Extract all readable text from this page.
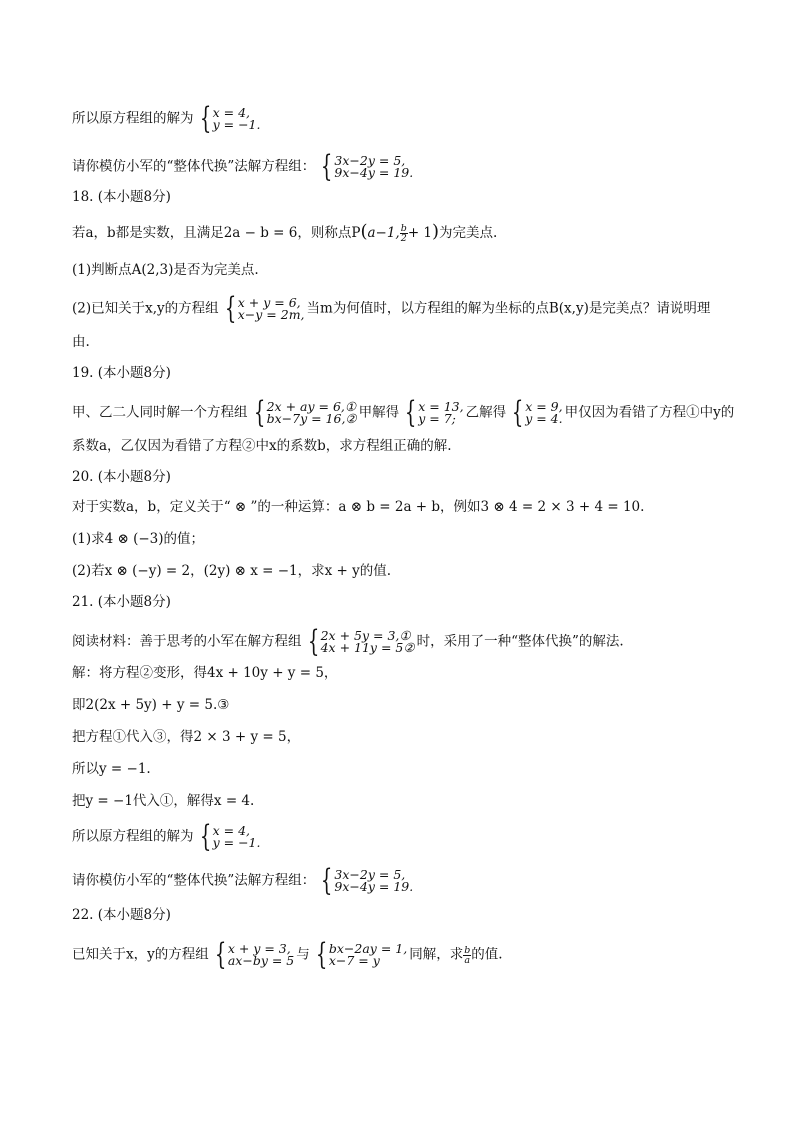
所以原方程组的解为 { x = 4,
y = −1.
请你模仿小军的“整体代换”法解方程组： { 3x−2y = 5,
9x−4y = 19.
18. (本小题8分)
若a，b都是实数，且满足2a − b = 6，则称点P(a−1, $\frac{b}{2} + 1$)为完美点.
(1)判断点A(2,3)是否为完美点.
(2)已知关于x,y的方程组 { x + y = 6,
x−y = 2m, 当m为何值时，以方程组的解为坐标的点B(x,y)是完美点？请说明理
由.
19. (本小题8分)
甲、乙二人同时解一个方程组 { 2x + ay = 6,①
bx−7y = 16,② 甲解得 { x = 13,
y = 7; 乙解得 { x = 9,
y = 4. 甲仅因为看错了方程①中y的
系数a，乙仅因为看错了方程②中x的系数b，求方程组正确的解.
20. (本小题8分)
对于实数a，b，定义关于“ ⊗ ”的一种运算：a ⊗ b = 2a + b，例如3 ⊗ 4 = 2 × 3 + 4 = 10.
(1)求4 ⊗ (−3)的值；
(2)若x ⊗ (−y) = 2，(2y) ⊗ x = −1，求x + y的值.
21. (本小题8分)
阅读材料：善于思考的小军在解方程组 { 2x + 5y = 3,①
4x + 11y = 5② 时，采用了一种“整体代换”的解法.
解：将方程②变形，得4x + 10y + y = 5，
即2(2x + 5y) + y = 5.③
把方程①代入③，得2 × 3 + y = 5，
所以y = −1.
把y = −1代入①，解得x = 4.
所以原方程组的解为 { x = 4,
y = −1.
请你模仿小军的“整体代换”法解方程组： { 3x−2y = 5,
9x−4y = 19.
22. (本小题8分)
已知关于x，y的方程组 { x + y = 3,
ax−by = 5 与 { bx−2ay = 1,
x−7 = y	同解，求 $\frac{b}{a}$ 的值.
